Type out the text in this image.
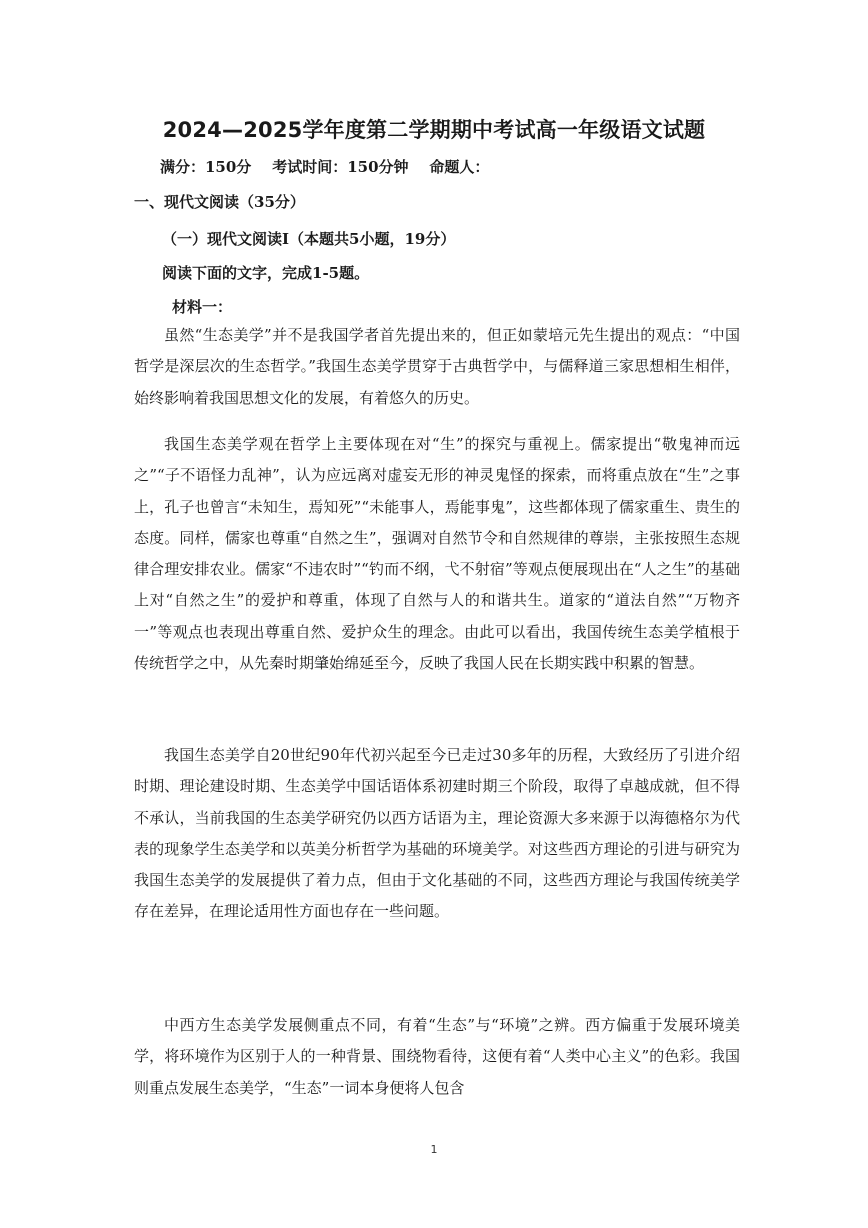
2024—2025学年度第二学期期中考试高一年级语文试题
满分：150分    考试时间：150分钟    命题人：
一、现代文阅读（35分）
（一）现代文阅读Ⅰ（本题共5小题，19分）
阅读下面的文字，完成1-5题。
材料一：

虽然“生态美学”并不是我国学者首先提出来的，但正如蒙培元先生提出的观点：“中国哲学是深层次的生态哲学。”我国生态美学贯穿于古典哲学中，与儒释道三家思想相生相伴，始终影响着我国思想文化的发展，有着悠久的历史。

我国生态美学观在哲学上主要体现在对“生”的探究与重视上。儒家提出“敬鬼神而远之”“子不语怪力乱神”，认为应远离对虚妄无形的神灵鬼怪的探索，而将重点放在“生”之事上，孔子也曾言“未知生，焉知死”“未能事人，焉能事鬼”，这些都体现了儒家重生、贵生的态度。同样，儒家也尊重“自然之生”，强调对自然节令和自然规律的尊崇，主张按照生态规律合理安排农业。儒家“不违农时”“钓而不纲，弋不射宿”等观点便展现出在“人之生”的基础上对“自然之生”的爱护和尊重，体现了自然与人的和谐共生。道家的“道法自然”“万物齐一”等观点也表现出尊重自然、爱护众生的理念。由此可以看出，我国传统生态美学植根于传统哲学之中，从先秦时期肇始绵延至今，反映了我国人民在长期实践中积累的智慧。

我国生态美学自20世纪90年代初兴起至今已走过30多年的历程，大致经历了引进介绍时期、理论建设时期、生态美学中国话语体系初建时期三个阶段，取得了卓越成就，但不得不承认，当前我国的生态美学研究仍以西方话语为主，理论资源大多来源于以海德格尔为代表的现象学生态美学和以英美分析哲学为基础的环境美学。对这些西方理论的引进与研究为我国生态美学的发展提供了着力点，但由于文化基础的不同，这些西方理论与我国传统美学存在差异，在理论适用性方面也存在一些问题。

中西方生态美学发展侧重点不同，有着“生态”与“环境”之辨。西方偏重于发展环境美学，将环境作为区别于人的一种背景、围绕物看待，这便有着“人类中心主义”的色彩。我国则重点发展生态美学，“生态”一词本身便将人包含

1
